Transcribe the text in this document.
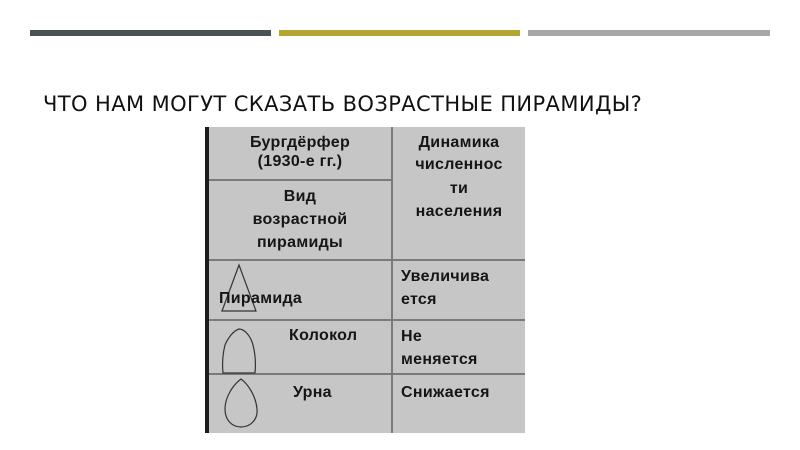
ЧТО НАМ МОГУТ СКАЗАТЬ ВОЗРАСТНЫЕ ПИРАМИДЫ?
Бургдёрфер
(1930-е гг.)
Вид
возрастной
пирамиды
Динамика
численнос
ти
населения
Пирамида
Увеличива
ется
Колокол	Не
меняется
Урна	Снижается
